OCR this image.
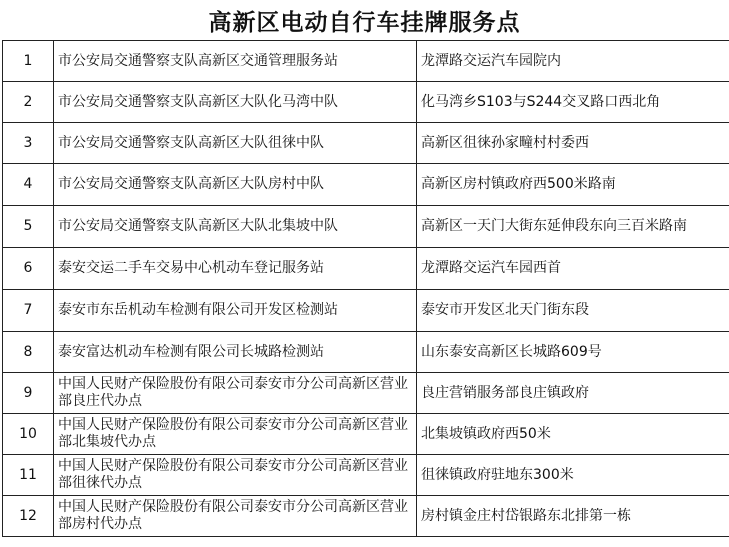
高新区电动自行车挂牌服务点
1	市公安局交通警察支队高新区交通管理服务站	龙潭路交运汽车园院内
2	市公安局交通警察支队高新区大队化马湾中队	化马湾乡S103与S244交叉路口西北角
3	市公安局交通警察支队高新区大队徂徕中队	高新区徂徕孙家疃村村委西
4	市公安局交通警察支队高新区大队房村中队	高新区房村镇政府西500米路南
5	市公安局交通警察支队高新区大队北集坡中队	高新区一天门大街东延伸段东向三百米路南
6	泰安交运二手车交易中心机动车登记服务站	龙潭路交运汽车园西首
7	泰安市东岳机动车检测有限公司开发区检测站	泰安市开发区北天门街东段
8	泰安富达机动车检测有限公司长城路检测站	山东泰安高新区长城路609号
9	中国人民财产保险股份有限公司泰安市分公司高新区营业部良庄代办点	良庄营销服务部良庄镇政府
10	中国人民财产保险股份有限公司泰安市分公司高新区营业部北集坡代办点	北集坡镇政府西50米
11	中国人民财产保险股份有限公司泰安市分公司高新区营业部徂徕代办点	徂徕镇政府驻地东300米
12	中国人民财产保险股份有限公司泰安市分公司高新区营业部房村代办点	房村镇金庄村岱银路东北排第一栋
